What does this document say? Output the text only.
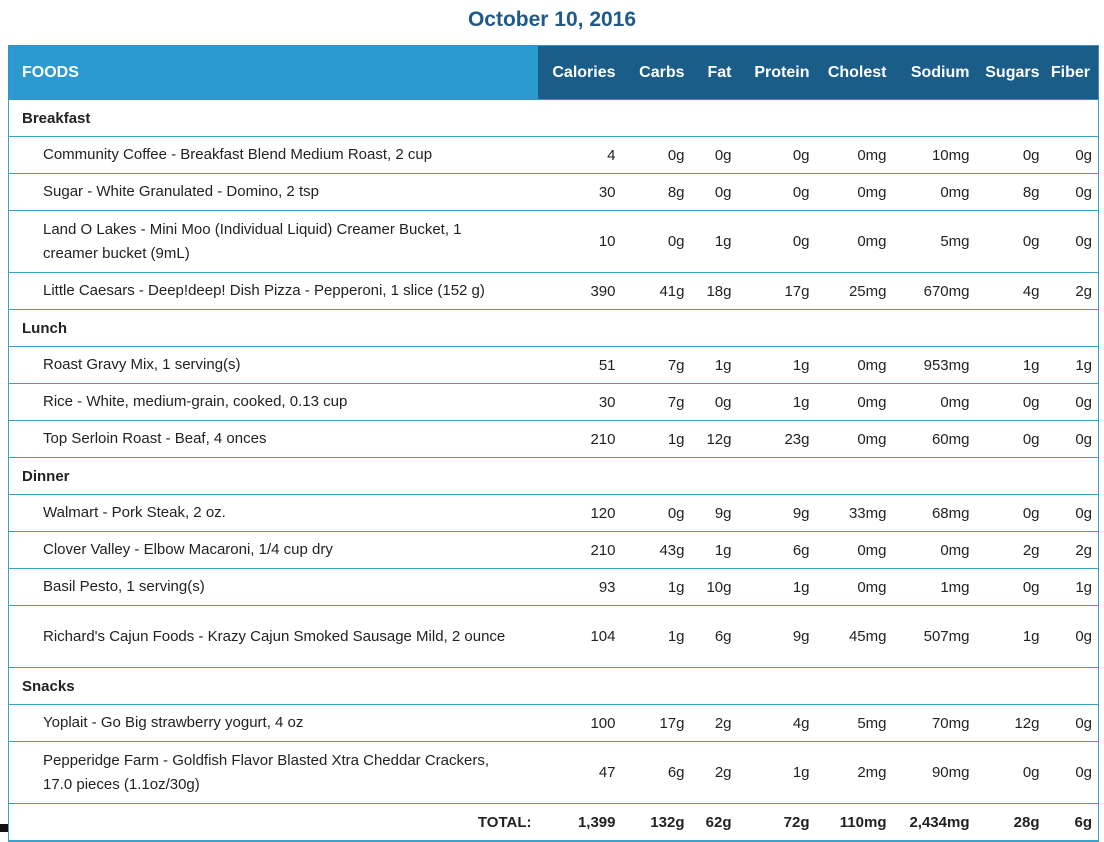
October 10, 2016
FOODS	Calories	Carbs	Fat	Protein	Cholest	Sodium	Sugars	Fiber
Breakfast								
Community Coffee - Breakfast Blend Medium Roast, 2 cup	4	0g	0g	0g	0mg	10mg	0g	0g
Sugar - White Granulated - Domino, 2 tsp	30	8g	0g	0g	0mg	0mg	8g	0g
Land O Lakes - Mini Moo (Individual Liquid) Creamer Bucket, 1 creamer bucket (9mL)	10	0g	1g	0g	0mg	5mg	0g	0g
Little Caesars - Deep!deep! Dish Pizza - Pepperoni, 1 slice (152 g)	390	41g	18g	17g	25mg	670mg	4g	2g
Lunch								
Roast Gravy Mix, 1 serving(s)	51	7g	1g	1g	0mg	953mg	1g	1g
Rice - White, medium-grain, cooked, 0.13 cup	30	7g	0g	1g	0mg	0mg	0g	0g
Top Serloin Roast - Beaf, 4 onces	210	1g	12g	23g	0mg	60mg	0g	0g
Dinner								
Walmart - Pork Steak, 2 oz.	120	0g	9g	9g	33mg	68mg	0g	0g
Clover Valley - Elbow Macaroni, 1/4 cup dry	210	43g	1g	6g	0mg	0mg	2g	2g
Basil Pesto, 1 serving(s)	93	1g	10g	1g	0mg	1mg	0g	1g
Richard's Cajun Foods - Krazy Cajun Smoked Sausage Mild, 2 ounce	104	1g	6g	9g	45mg	507mg	1g	0g
Snacks								
Yoplait - Go Big strawberry yogurt, 4 oz	100	17g	2g	4g	5mg	70mg	12g	0g
Pepperidge Farm - Goldfish Flavor Blasted Xtra Cheddar Crackers, 17.0 pieces (1.1oz/30g)	47	6g	2g	1g	2mg	90mg	0g	0g
TOTAL:	1,399	132g	62g	72g	110mg	2,434mg	28g	6g
